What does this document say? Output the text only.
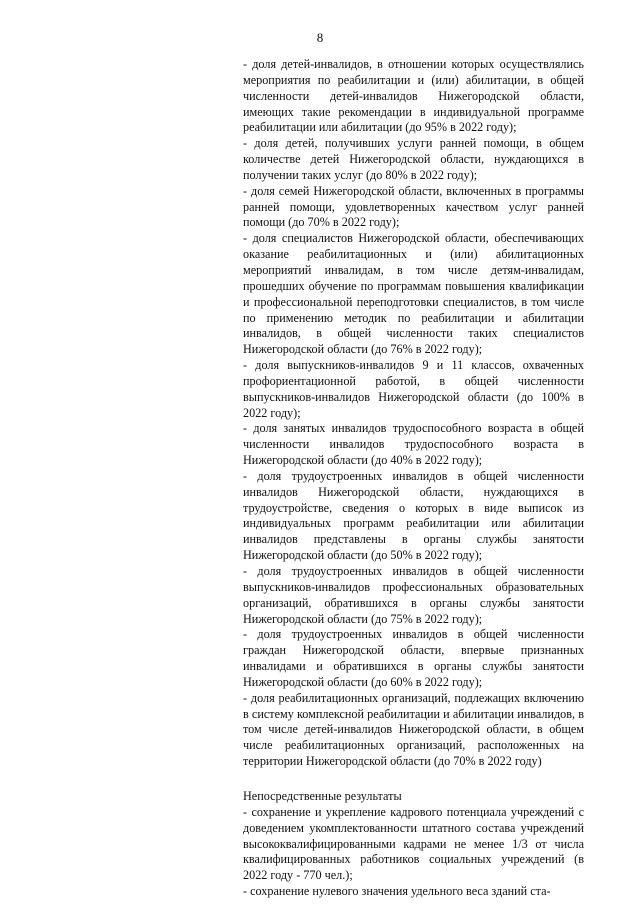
8

- доля детей-инвалидов, в отношении которых осуществлялись мероприятия по реабилитации и (или) абилитации, в общей численности детей-инвалидов Нижегородской области, имеющих такие рекомендации в индивидуальной программе реабилитации или абилитации (до 95% в 2022 году);

- доля детей, получивших услуги ранней помощи, в общем количестве детей Нижегородской области, нуждающихся в получении таких услуг (до 80% в 2022 году);

- доля семей Нижегородской области, включенных в программы ранней помощи, удовлетворенных качеством услуг ранней помощи (до 70% в 2022 году);

- доля специалистов Нижегородской области, обеспечивающих оказание реабилитационных и (или) абилитационных мероприятий инвалидам, в том числе детям-инвалидам, прошедших обучение по программам повышения квалификации и профессиональной переподготовки специалистов, в том числе по применению методик по реабилитации и абилитации инвалидов, в общей численности таких специалистов Нижегородской области (до 76% в 2022 году);

- доля выпускников-инвалидов 9 и 11 классов, охваченных профориентационной работой, в общей численности выпускников-инвалидов Нижегородской области (до 100% в 2022 году);

- доля занятых инвалидов трудоспособного возраста в общей численности инвалидов трудоспособного возраста в Нижегородской области (до 40% в 2022 году);

- доля трудоустроенных инвалидов в общей численности инвалидов Нижегородской области, нуждающихся в трудоустройстве, сведения о которых в виде выписок из индивидуальных программ реабилитации или абилитации инвалидов представлены в органы службы занятости Нижегородской области (до 50% в 2022 году);

- доля трудоустроенных инвалидов в общей численности выпускников-инвалидов профессиональных образовательных организаций, обратившихся в органы службы занятости Нижегородской области (до 75% в 2022 году);

- доля трудоустроенных инвалидов в общей численности граждан Нижегородской области, впервые признанных инвалидами и обратившихся в органы службы занятости Нижегородской области (до 60% в 2022 году);

- доля реабилитационных организаций, подлежащих включению в систему комплексной реабилитации и абилитации инвалидов, в том числе детей-инвалидов Нижегородской области, в общем числе реабилитационных организаций, расположенных на территории Нижегородской области (до 70% в 2022 году)

Непосредственные результаты

- сохранение и укрепление кадрового потенциала учреждений с доведением укомплектованности штатного состава учреждений высококвалифицированными кадрами не менее 1/3 от числа квалифицированных работников социальных учреждений (в 2022 году - 770 чел.);

- сохранение нулевого значения удельного веса зданий ста-
